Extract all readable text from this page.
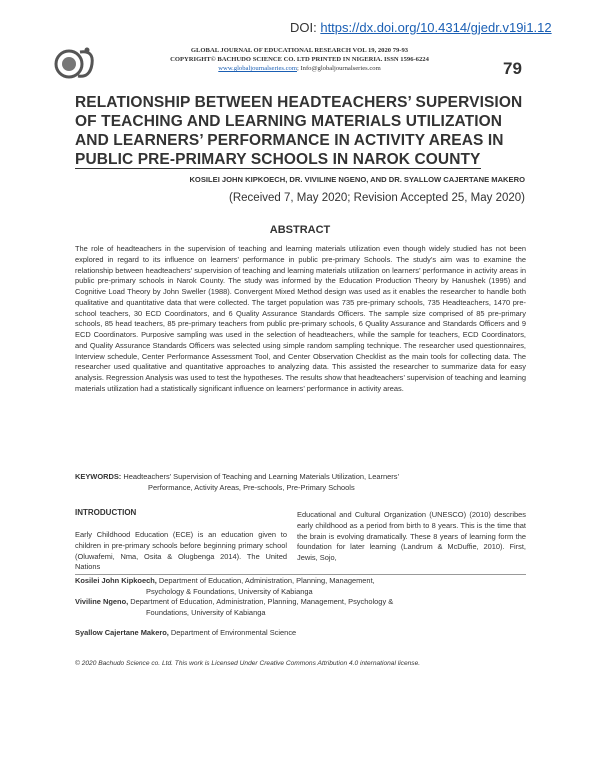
DOI: https://dx.doi.org/10.4314/gjedr.v19i1.12
GLOBAL JOURNAL OF EDUCATIONAL RESEARCH VOL 19, 2020 79-93
COPYRIGHT© BACHUDO SCIENCE CO. LTD PRINTED IN NIGERIA. ISSN 1596-6224
www.globaljournalseries.com; Info@globaljournalseries.com	79
RELATIONSHIP BETWEEN HEADTEACHERS’ SUPERVISION
OF TEACHING AND LEARNING MATERIALS UTILIZATION
AND LEARNERS’ PERFORMANCE IN ACTIVITY AREAS IN
PUBLIC PRE-PRIMARY SCHOOLS IN NAROK COUNTY
KOSILEI JOHN KIPKOECH, DR. VIVILINE NGENO, AND DR. SYALLOW CAJERTANE MAKERO
(Received 7, May 2020; Revision Accepted 25, May 2020)
ABSTRACT
The role of headteachers in the supervision of teaching and learning materials utilization even though widely studied has not been explored in regard to its influence on learners’ performance in public pre-primary Schools. The study’s aim was to examine the relationship between headteachers’ supervision of teaching and learning materials utilization on learners’ performance in activity areas in public pre-primary schools in Narok County. The study was informed by the Education Production Theory by Hanushek (1995) and Cognitive Load Theory by John Sweller (1988). Convergent Mixed Method design was used as it enables the researcher to handle both qualitative and quantitative data that were collected. The target population was 735 pre-primary schools, 735 Headteachers, 1470 pre-school teachers, 30 ECD Coordinators, and 6 Quality Assurance Standards Officers. The sample size comprised of 85 pre-primary schools, 85 head teachers, 85 pre-primary teachers from public pre-primary schools, 6 Quality Assurance and Standards Officers and 9 ECD Coordinators. Purposive sampling was used in the selection of headteachers, while the sample for teachers, ECD Coordinators, and Quality Assurance Standards Officers was selected using simple random sampling technique. The researcher used questionnaires, Interview schedule, Center Performance Assessment Tool, and Center Observation Checklist as the main tools for collecting data. The researcher used qualitative and quantitative approaches to analyzing data. This assisted the researcher to summarize data for easy analysis. Regression Analysis was used to test the hypotheses. The results show that headteachers’ supervision of teaching and learning materials utilization had a statistically significant influence on learners’ performance in activity areas.
KEYWORDS: Headteachers’ Supervision of Teaching and Learning Materials Utilization, Learners’
Performance, Activity Areas, Pre-schools, Pre-Primary Schools
INTRODUCTION
Early Childhood Education (ECE) is an education given to children in pre-primary schools before beginning primary school (Oluwafemi, Nma, Osita & Olugbenga 2014). The United Nations
Educational and Cultural Organization (UNESCO) (2010) describes early childhood as a period from birth to 8 years. This is the time that the brain is evolving dramatically. These 8 years of learning form the foundation for later learning (Landrum & McDuffie, 2010). First, Jewis, Sojo,
Kosilei John Kipkoech, Department of Education, Administration, Planning, Management,
Psychology & Foundations, University of Kabianga
Viviline Ngeno, Department of Education, Administration, Planning, Management, Psychology &
Foundations, University of Kabianga
Syallow Cajertane Makero, Department of Environmental Science
© 2020 Bachudo Science co. Ltd. This work is Licensed Under Creative Commons Attribution 4.0 international license.
